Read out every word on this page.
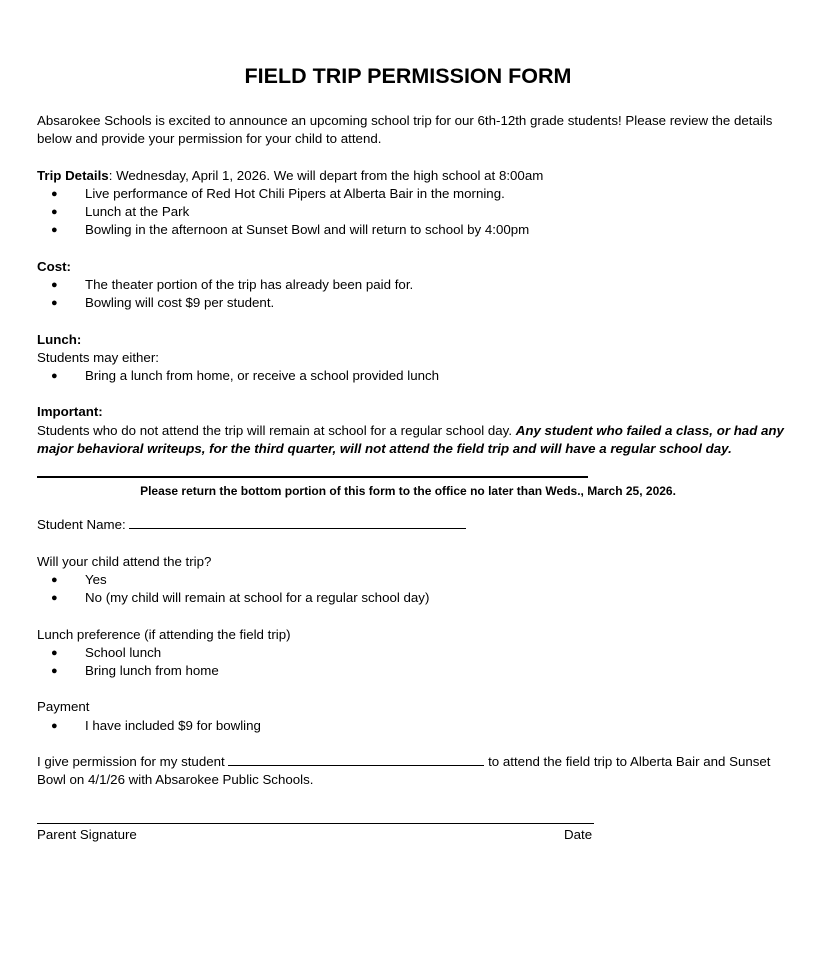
FIELD TRIP PERMISSION FORM
Absarokee Schools is excited to announce an upcoming school trip for our 6th-12th grade students! Please review the details
below and provide your permission for your child to attend.
Trip Details: Wednesday, April 1, 2026. We will depart from the high school at 8:00am
● Live performance of Red Hot Chili Pipers at Alberta Bair in the morning.
● Lunch at the Park
● Bowling in the afternoon at Sunset Bowl and will return to school by 4:00pm
Cost:
● The theater portion of the trip has already been paid for.
● Bowling will cost $9 per student.
Lunch:
Students may either:
● Bring a lunch from home, or receive a school provided lunch
Important:
Students who do not attend the trip will remain at school for a regular school day. Any student who failed a class, or had any
major behavioral writeups, for the third quarter, will not attend the field trip and will have a regular school day.
Please return the bottom portion of this form to the office no later than Weds., March 25, 2026.
Student Name:
Will your child attend the trip?
● Yes
● No (my child will remain at school for a regular school day)
Lunch preference (if attending the field trip)
● School lunch
● Bring lunch from home
Payment
● I have included $9 for bowling
I give permission for my student	to attend the field trip to Alberta Bair and Sunset
Bowl on 4/1/26 with Absarokee Public Schools.
Parent Signature	Date
